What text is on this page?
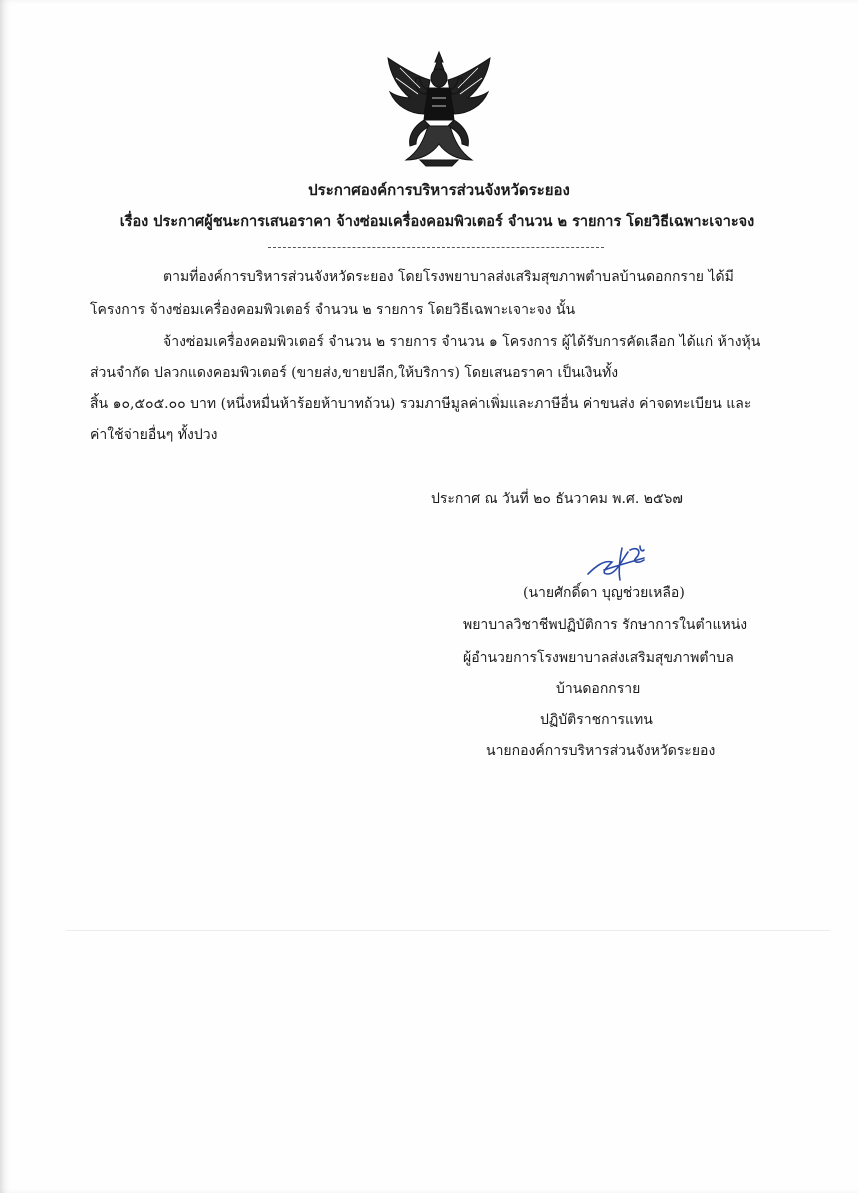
ประกาศองค์การบริหารส่วนจังหวัดระยอง
เรื่อง ประกาศผู้ชนะการเสนอราคา จ้างซ่อมเครื่องคอมพิวเตอร์ จำนวน ๒ รายการ โดยวิธีเฉพาะเจาะจง
ตามที่องค์การบริหารส่วนจังหวัดระยอง โดยโรงพยาบาลส่งเสริมสุขภาพตำบลบ้านดอกกราย ได้มี
โครงการ จ้างซ่อมเครื่องคอมพิวเตอร์ จำนวน ๒ รายการ โดยวิธีเฉพาะเจาะจง นั้น
จ้างซ่อมเครื่องคอมพิวเตอร์ จำนวน ๒ รายการ จำนวน ๑ โครงการ ผู้ได้รับการคัดเลือก ได้แก่ ห้างหุ้น
ส่วนจำกัด ปลวกแดงคอมพิวเตอร์ (ขายส่ง,ขายปลีก,ให้บริการ) โดยเสนอราคา เป็นเงินทั้ง
สิ้น ๑๐,๕๐๕.๐๐ บาท (หนึ่งหมื่นห้าร้อยห้าบาทถ้วน) รวมภาษีมูลค่าเพิ่มและภาษีอื่น ค่าขนส่ง ค่าจดทะเบียน และ
ค่าใช้จ่ายอื่นๆ ทั้งปวง
ประกาศ ณ วันที่ ๒๐ ธันวาคม พ.ศ. ๒๕๖๗
(นายศักดิ์ดา บุญช่วยเหลือ)
พยาบาลวิชาชีพปฏิบัติการ รักษาการในตำแหน่ง
ผู้อำนวยการโรงพยาบาลส่งเสริมสุขภาพตำบล
บ้านดอกกราย
ปฏิบัติราชการแทน
นายกองค์การบริหารส่วนจังหวัดระยอง
